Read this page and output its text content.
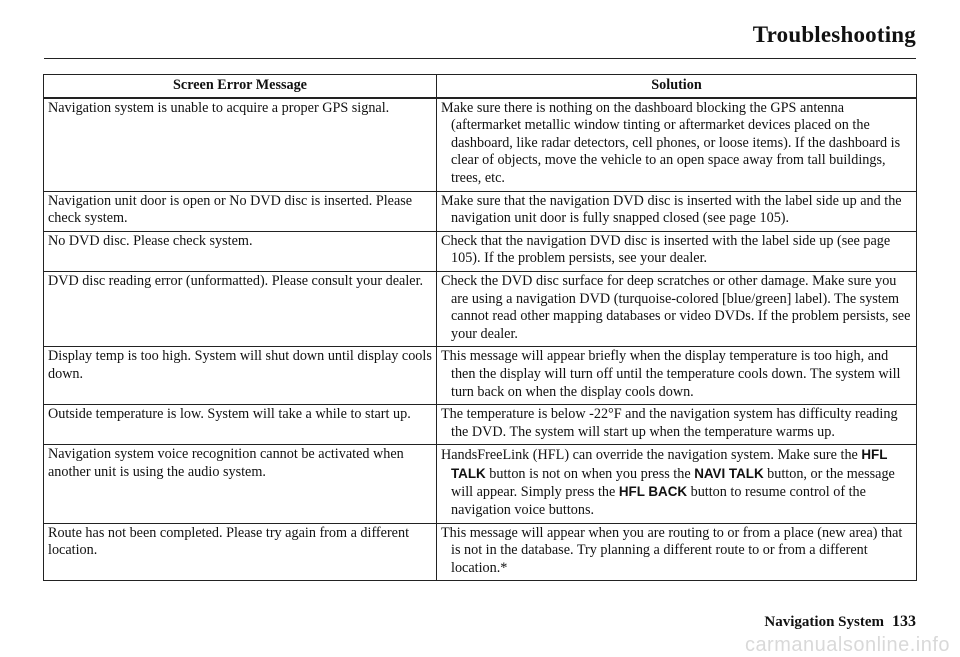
Troubleshooting
Screen Error Message	Solution
Navigation system is unable to acquire a proper GPS signal.	Make sure there is nothing on the dashboard blocking the GPS antenna (aftermarket metallic window tinting or aftermarket devices placed on the dashboard, like radar detectors, cell phones, or loose items). If the dashboard is clear of objects, move the vehicle to an open space away from tall buildings, trees, etc.
Navigation unit door is open or No DVD disc is inserted. Please check system.	Make sure that the navigation DVD disc is inserted with the label side up and the navigation unit door is fully snapped closed (see page 105).
No DVD disc. Please check system.	Check that the navigation DVD disc is inserted with the label side up (see page 105). If the problem persists, see your dealer.
DVD disc reading error (unformatted). Please consult your dealer.	Check the DVD disc surface for deep scratches or other damage. Make sure you are using a navigation DVD (turquoise-colored [blue/green] label). The system cannot read other mapping databases or video DVDs. If the problem persists, see your dealer.
Display temp is too high. System will shut down until display cools down.	This message will appear briefly when the display temperature is too high, and then the display will turn off until the temperature cools down. The system will turn back on when the display cools down.
Outside temperature is low. System will take a while to start up.	The temperature is below -22°F and the navigation system has difficulty reading the DVD. The system will start up when the temperature warms up.
Navigation system voice recognition cannot be activated when another unit is using the audio system.	HandsFreeLink (HFL) can override the navigation system. Make sure the HFL TALK button is not on when you press the NAVI TALK button, or the message will appear. Simply press the HFL BACK button to resume control of the navigation voice buttons.
Route has not been completed. Please try again from a different location.	This message will appear when you are routing to or from a place (new area) that is not in the database. Try planning a different route to or from a different location.*
Navigation System 133
carmanualsonline.info
